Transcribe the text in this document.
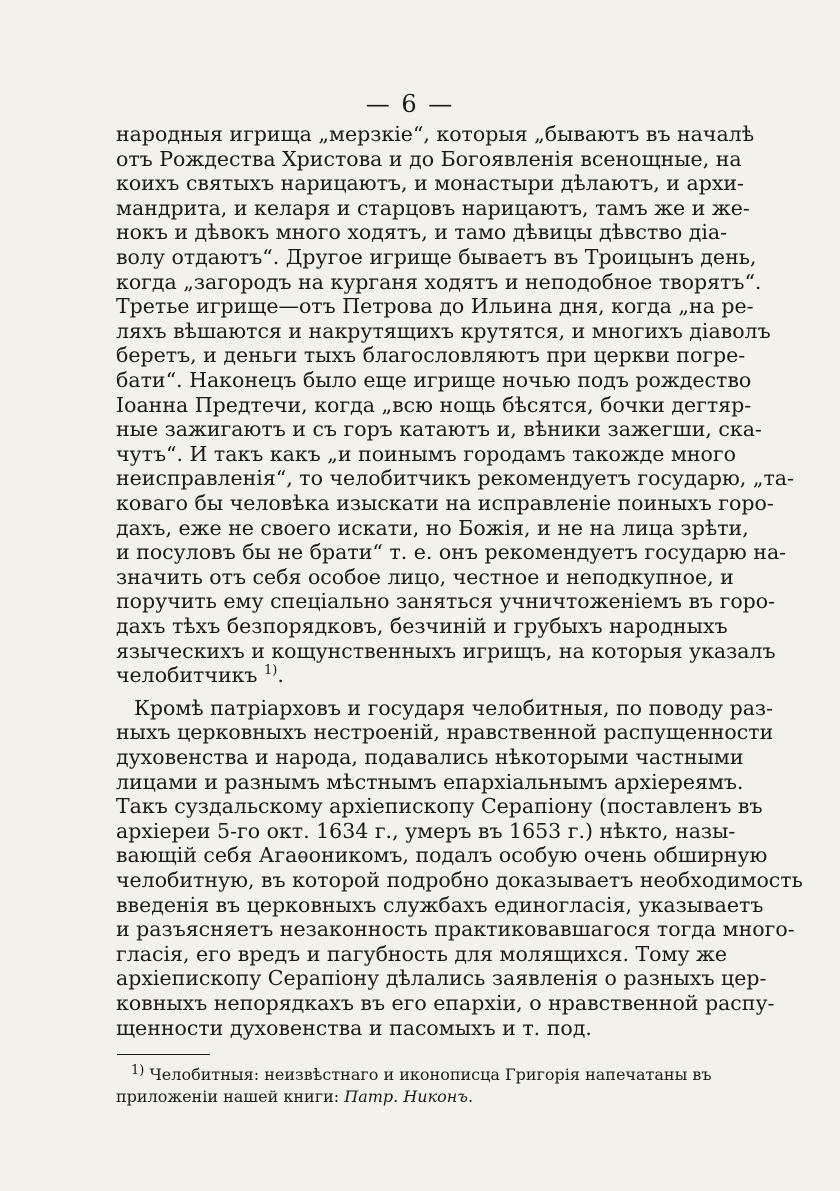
— 6 —
народныя игрища „мерзкіе“, которыя „бываютъ въ началѣ
отъ Рождества Христова и до Богоявленія всенощные, на
коихъ святыхъ нарицаютъ, и монастыри дѣлаютъ, и архи-
мандрита, и келаря и старцовъ нарицаютъ, тамъ же и же-
нокъ и дѣвокъ много ходятъ, и тамо дѣвицы дѣвство діа-
волу отдаютъ“. Другое игрище бываетъ въ Троицынъ день,
когда „загородъ на курганя ходятъ и неподобное творятъ“.
Третье игрище—отъ Петрова до Ильина дня, когда „на ре-
ляхъ вѣшаются и накрутящихъ крутятся, и многихъ діаволъ
беретъ, и деньги тыхъ благословляютъ при церкви погре-
бати“. Наконецъ было еще игрище ночью подъ рождество
Іоанна Предтечи, когда „всю нощь бѣсятся, бочки дегтяр-
ные зажигаютъ и съ горъ катаютъ и, вѣники зажегши, ска-
чутъ“. И такъ какъ „и поинымъ городамъ такожде много
неисправленія“, то челобитчикъ рекомендуетъ государю, „та-
коваго бы человѣка изыскати на исправленіе поиныхъ горо-
дахъ, еже не своего искати, но Божія, и не на лица зрѣти,
и посуловъ бы не брати“ т. е. онъ рекомендуетъ государю на-
значить отъ себя особое лицо, честное и неподкупное, и
поручить ему спеціально заняться учничтоженіемъ въ горо-
дахъ тѣхъ безпорядковъ, безчиній и грубыхъ народныхъ
языческихъ и кощунственныхъ игрищъ, на которыя указалъ
челобитчикъ $^{1)}$.
Кромѣ патріарховъ и государя челобитныя, по поводу раз-
ныхъ церковныхъ нестроеній, нравственной распущенности
духовенства и народа, подавались нѣкоторыми частными
лицами и разнымъ мѣстнымъ епархіальнымъ архіереямъ.
Такъ суздальскому архіепископу Серапіону (поставленъ въ
архіереи 5-го окт. 1634 г., умеръ въ 1653 г.) нѣкто, назы-
вающій себя Агаѳоникомъ, подалъ особую очень обширную
челобитную, въ которой подробно доказываетъ необходимость
введенія въ церковныхъ службахъ единогласія, указываетъ
и разъясняетъ незаконность практиковавшагося тогда много-
гласія, его вредъ и пагубность для молящихся. Тому же
архіепископу Серапіону дѣлались заявленія о разныхъ цер-
ковныхъ непорядкахъ въ его епархіи, о нравственной распу-
щенности духовенства и пасомыхъ и т. под.
$^{1)}$ Челобитныя: неизвѣстнаго и иконописца Григорія напечатаны въ
приложеніи нашей книги: Патр. Никонъ.
